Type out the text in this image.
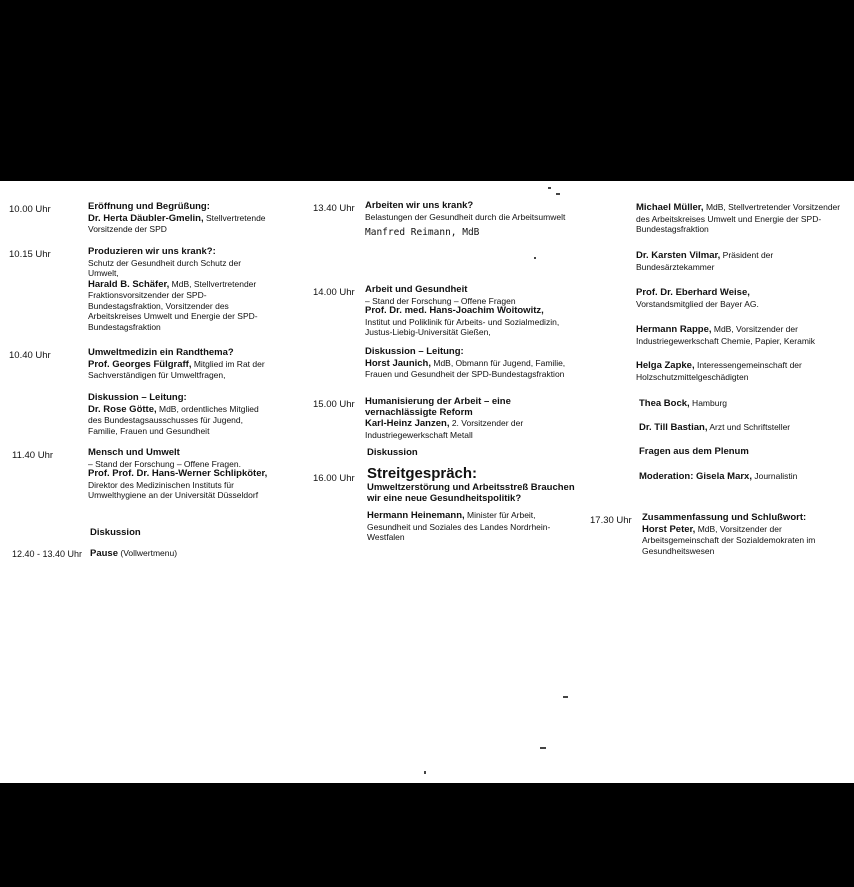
10.00 Uhr	Eröffnung und Begrüßung:
Dr. Herta Däubler-Gmelin, Stellvertretende Vorsitzende der SPD
10.15 Uhr	Produzieren wir uns krank?:
Schutz der Gesundheit durch Schutz der Umwelt,
Harald B. Schäfer, MdB, Stellvertretender Fraktionsvorsitzender der SPD-Bundestagsfraktion, Vorsitzender des Arbeitskreises Umwelt und Energie der SPD-Bundestagsfraktion
10.40 Uhr	Umweltmedizin ein Randthema?
Prof. Georges Fülgraff, Mitglied im Rat der Sachverständigen für Umweltfragen,
Diskussion – Leitung:
Dr. Rose Götte, MdB, ordentliches Mitglied des Bundestagsausschusses für Jugend, Familie, Frauen und Gesundheit
11.40 Uhr	Mensch und Umwelt
– Stand der Forschung – Offene Fragen.
Prof. Prof. Dr. Hans-Werner Schlipköter,
Direktor des Medizinischen Instituts für Umwelthygiene an der Universität Düsseldorf
Diskussion
12.40 - 13.40 Uhr Pause (Vollwertmenu)
13.40 Uhr Arbeiten wir uns krank?
Belastungen der Gesundheit durch die Arbeitsumwelt
Manfred Reimann, MdB
14.00 Uhr Arbeit und Gesundheit
– Stand der Forschung – Offene Fragen
Prof. Dr. med. Hans-Joachim Woitowitz,
Institut und Poliklinik für Arbeits- und Sozialmedizin, Justus-Liebig-Universität Gießen,
Diskussion – Leitung:
Horst Jaunich, MdB, Obmann für Jugend, Familie, Frauen und Gesundheit der SPD-Bundestagsfraktion
15.00 Uhr Humanisierung der Arbeit – eine vernachlässigte Reform
Karl-Heinz Janzen, 2. Vorsitzender der Industriegewerkschaft Metall
Diskussion
16.00 Uhr Streitgespräch:
Umweltzerstörung und Arbeitsstreß Brauchen wir eine neue Gesundheitspolitik?
Hermann Heinemann, Minister für Arbeit, Gesundheit und Soziales des Landes Nordrhein-Westfalen
Michael Müller, MdB, Stellvertretender Vorsitzender des Arbeitskreises Umwelt und Energie der SPD-Bundestagsfraktion
Dr. Karsten Vilmar, Präsident der Bundesärztekammer
Prof. Dr. Eberhard Weise,
Vorstandsmitglied der Bayer AG.
Hermann Rappe, MdB, Vorsitzender der Industriegewerkschaft Chemie, Papier, Keramik
Helga Zapke, Interessengemeinschaft der Holzschutzmittelgeschädigten
Thea Bock, Hamburg
Dr. Till Bastian, Arzt und Schriftsteller
Fragen aus dem Plenum
Moderation: Gisela Marx, Journalistin
17.30 Uhr Zusammenfassung und Schlußwort:
Horst Peter, MdB, Vorsitzender der Arbeitsgemeinschaft der Sozialdemokraten im Gesundheitswesen
